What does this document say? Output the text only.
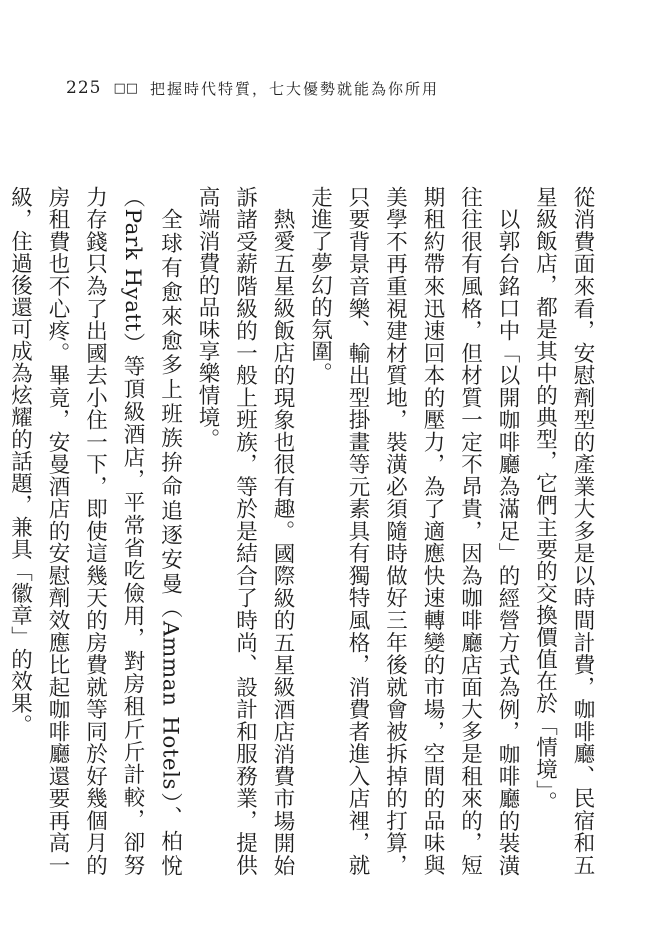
225 □□ 把握時代特質，七大優勢就能為你所用

從消費面來看，安慰劑型的產業大多是以時間計費，咖啡廳、民宿和五星級飯店，都是其中的典型，它們主要的交換價值在於「情境」。

以郭台銘口中「以開咖啡廳為滿足」的經營方式為例，咖啡廳的裝潢往往很有風格，但材質一定不昂貴，因為咖啡廳店面大多是租來的，短期租約帶來迅速回本的壓力，為了適應快速轉變的市場，空間的品味與美學不再重視建材質地，裝潢必須隨時做好三年後就會被拆掉的打算，只要背景音樂、輸出型掛畫等元素具有獨特風格，消費者進入店裡，就走進了夢幻的氛圍。

熱愛五星級飯店的現象也很有趣。國際級的五星級酒店消費市場開始訴諸受薪階級的一般上班族，等於是結合了時尚、設計和服務業，提供高端消費的品味享樂情境。

全球有愈來愈多上班族拚命追逐安曼（Amman Hotels）、柏悅（Park Hyatt）等頂級酒店，平常省吃儉用，對房租斤斤計較，卻努力存錢只為了出國去小住一下，即使這幾天的房費就等同於好幾個月的房租費也不心疼。畢竟，安曼酒店的安慰劑效應比起咖啡廳還要再高一級，住過後還可成為炫耀的話題，兼具「徽章」的效果。
